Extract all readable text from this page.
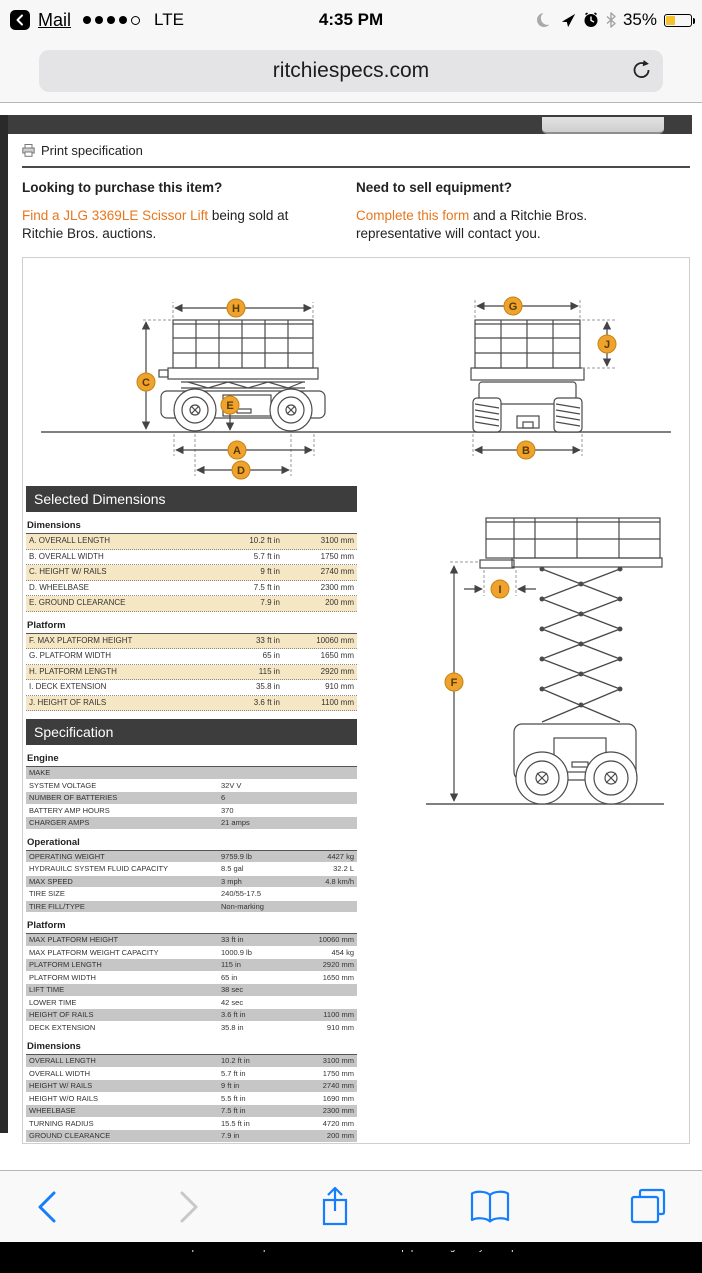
Mail	LTE	4:35 PM	35%
ritchiespecs.com
Print specification
Looking to purchase this item?

Find a JLG 3369LE Scissor Lift being sold at Ritchie Bros. auctions.

Need to sell equipment?

Complete this form and a Ritchie Bros. representative will contact you.

H
C
E
A
D
G
J
B
Selected Dimensions
Dimensions
A. OVERALL LENGTH	10.2 ft in	3100 mm
B. OVERALL WIDTH	5.7 ft in	1750 mm
C. HEIGHT W/ RAILS	9 ft in	2740 mm
D. WHEELBASE	7.5 ft in	2300 mm
E. GROUND CLEARANCE	7.9 in	200 mm
Platform
F. MAX PLATFORM HEIGHT	33 ft in	10060 mm
G. PLATFORM WIDTH	65 in	1650 mm
H. PLATFORM LENGTH	115 in	2920 mm
I. DECK EXTENSION	35.8 in	910 mm
J. HEIGHT OF RAILS	3.6 ft in	1100 mm
Specification
Engine
MAKE
SYSTEM VOLTAGE	32V V
NUMBER OF BATTERIES	6
BATTERY AMP HOURS	370
CHARGER AMPS	21 amps
Operational
OPERATING WEIGHT	9759.9 lb	4427 kg
HYDRAUILC SYSTEM FLUID CAPACITY	8.5 gal	32.2 L
MAX SPEED	3 mph	4.8 km/h
TIRE SIZE	240/55-17.5
TIRE FILL/TYPE	Non-marking
Platform
MAX PLATFORM HEIGHT	33 ft in	10060 mm
MAX PLATFORM WEIGHT CAPACITY	1000.9 lb	454 kg
PLATFORM LENGTH	115 in	2920 mm
PLATFORM WIDTH	65 in	1650 mm
LIFT TIME	38 sec
LOWER TIME	42 sec
HEIGHT OF RAILS	3.6 ft in	1100 mm
DECK EXTENSION	35.8 in	910 mm
Dimensions
OVERALL LENGTH	10.2 ft in	3100 mm
OVERALL WIDTH	5.7 ft in	1750 mm
HEIGHT W/ RAILS	9 ft in	2740 mm
HEIGHT W/O RAILS	5.5 ft in	1690 mm
WHEELBASE	7.5 ft in	2300 mm
TURNING RADIUS	15.5 ft in	4720 mm
GROUND CLEARANCE	7.9 in	200 mm
F
I
